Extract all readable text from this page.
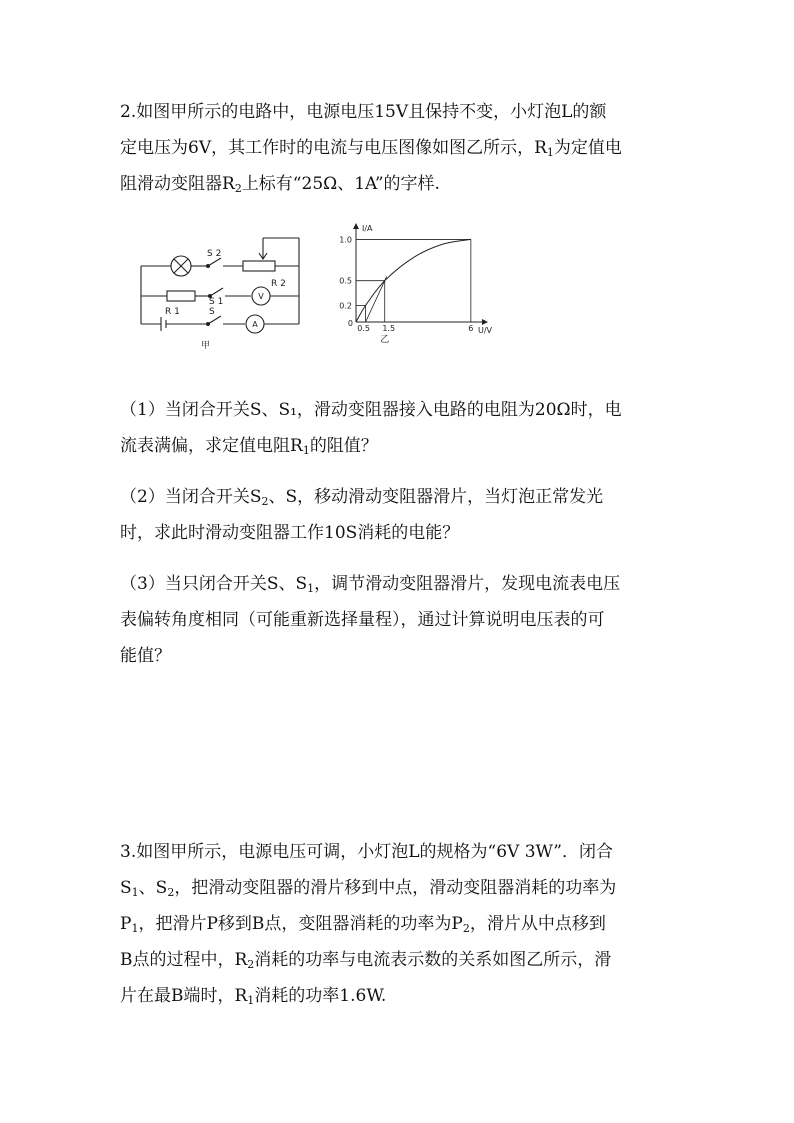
2.如图甲所示的电路中，电源电压15V且保持不变，小灯泡L的额
定电压为6V，其工作时的电流与电压图像如图乙所示，$R_1$为定值电
阻滑动变阻器$R_2$上标有“25Ω、1A”的字样.
S 2
R 2
S 1
V
R 1	S
A
甲
I/A
U/V
0
1.0
0.5
0.2
0.5 1.5	6
乙
（1）当闭合开关S、S₁，滑动变阻器接入电路的电阻为20Ω时，电
流表满偏，求定值电阻$R_1$的阻值？
（2）当闭合开关$S_2$、S，移动滑动变阻器滑片，当灯泡正常发光
时，求此时滑动变阻器工作10S消耗的电能？
（3）当只闭合开关S、$S_1$，调节滑动变阻器滑片，发现电流表电压
表偏转角度相同（可能重新选择量程），通过计算说明电压表的可
能值？
3.如图甲所示，电源电压可调，小灯泡L的规格为“6V 3W”．闭合
$S_1$、$S_2$，把滑动变阻器的滑片移到中点，滑动变阻器消耗的功率为
$P_1$，把滑片P移到B点，变阻器消耗的功率为$P_2$，滑片从中点移到
B点的过程中，$R_2$消耗的功率与电流表示数的关系如图乙所示，滑
片在最B端时，$R_1$消耗的功率1.6W.
